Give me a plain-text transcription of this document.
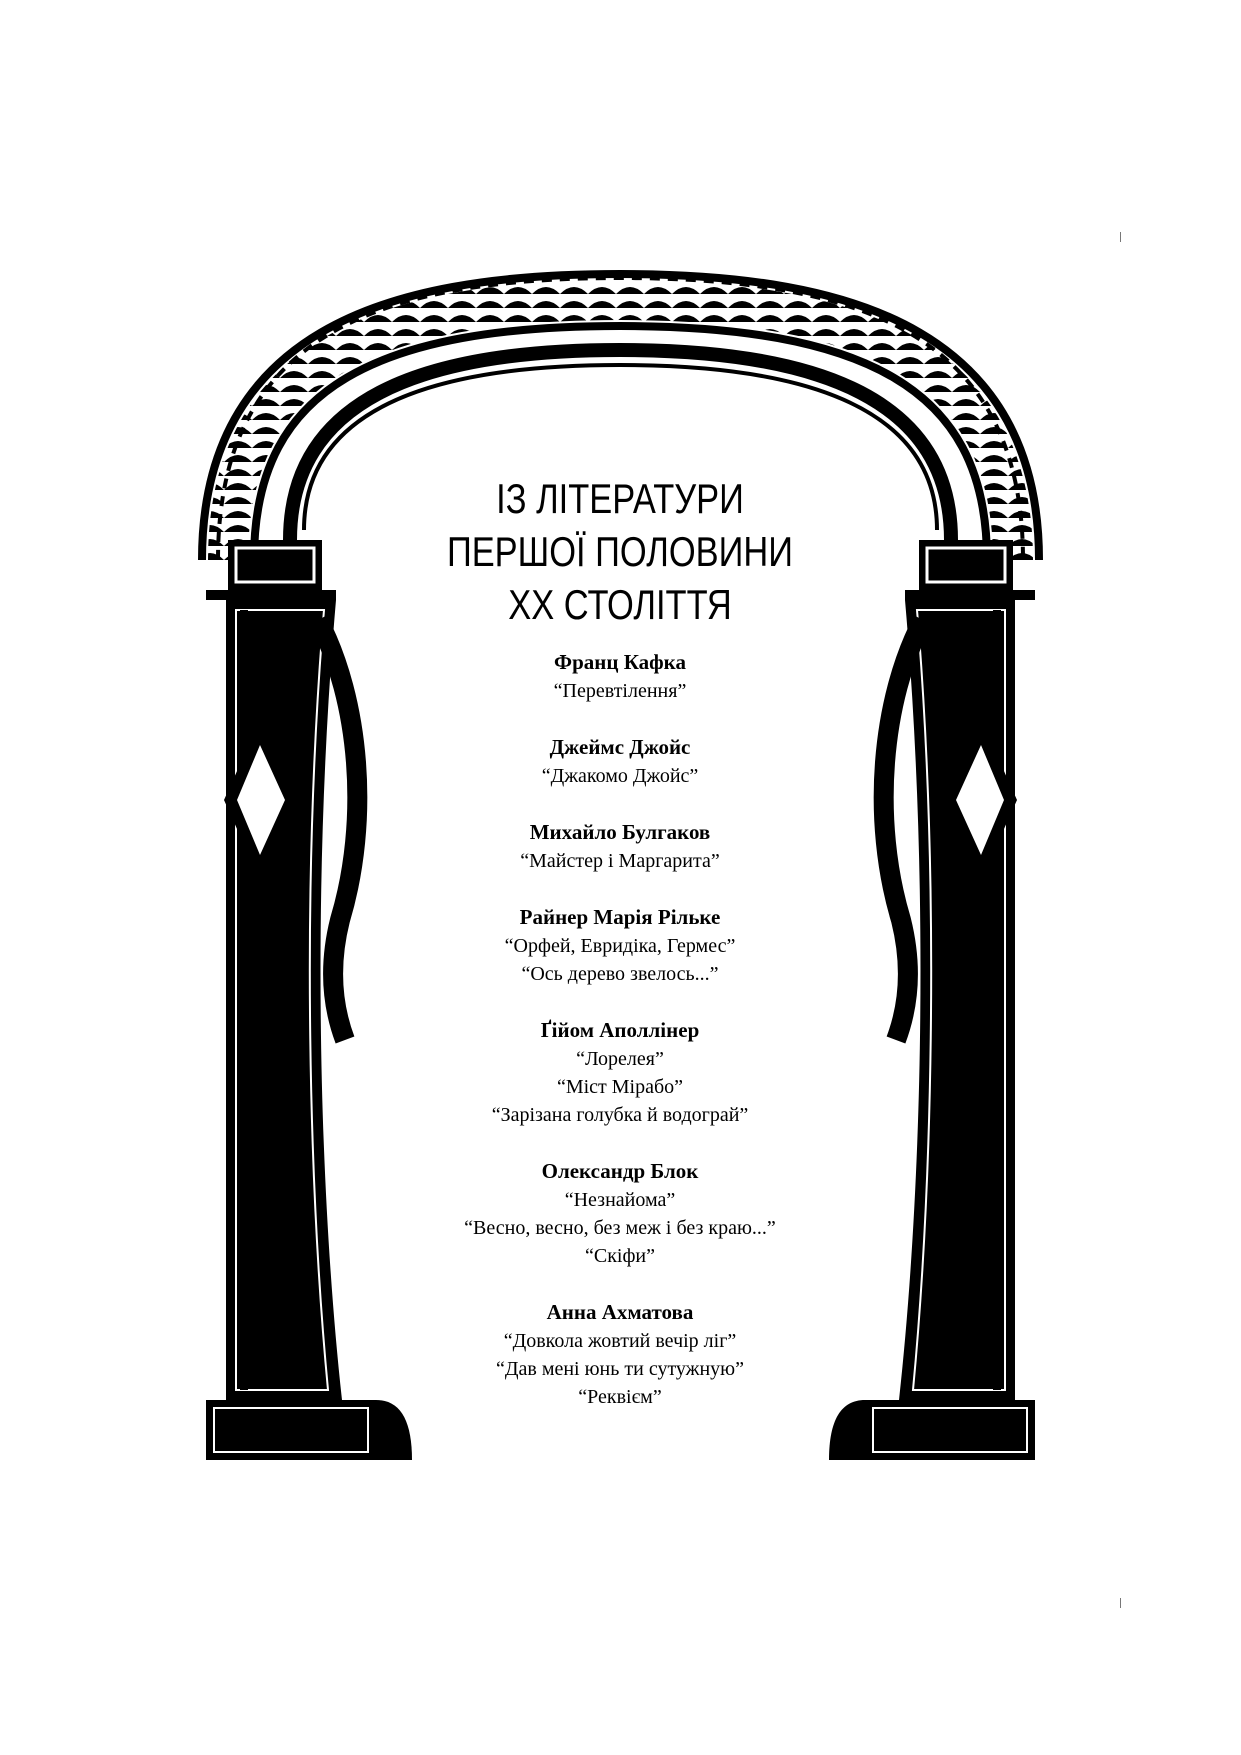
ІЗ ЛІТЕРАТУРИ
ПЕРШОЇ ПОЛОВИНИ
ХХ СТОЛІТТЯ
Франц Кафка
“Перевтілення”
Джеймс Джойс
“Джакомо Джойс”
Михайло Булгаков
“Майстер і Маргарита”
Райнер Марія Рільке
“Орфей, Евридіка, Гермес”
“Ось дерево звелось...”
Ґійом Аполлінер
“Лорелея”
“Міст Мірабо”
“Зарізана голубка й водограй”
Олександр Блок
“Незнайома”
“Весно, весно, без меж і без краю...”
“Скіфи”
Анна Ахматова
“Довкола жовтий вечір ліг”
“Дав мені юнь ти сутужную”
“Реквієм”
